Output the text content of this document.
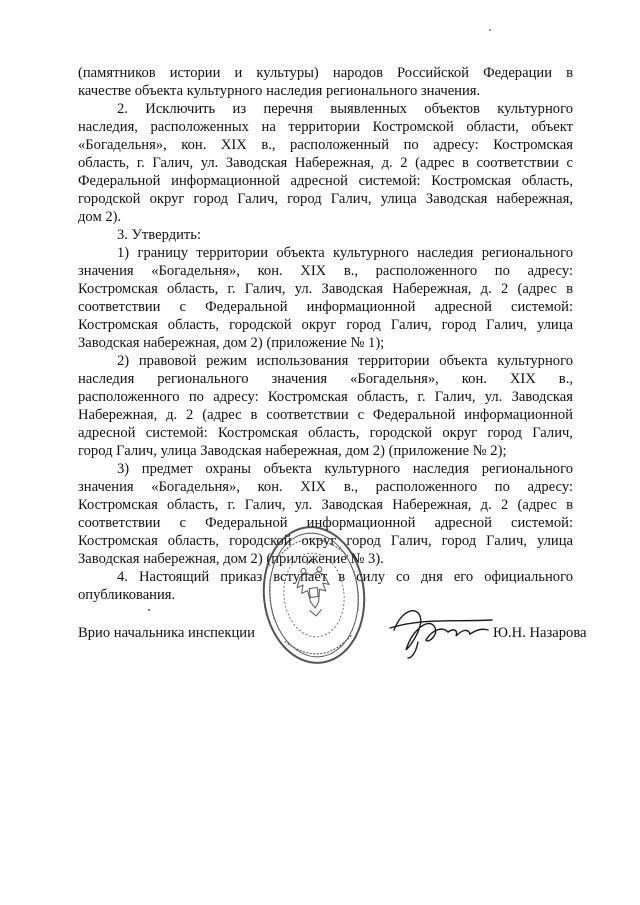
(памятников истории и культуры) народов Российской Федерации в
качестве объекта культурного наследия регионального значения.
2. Исключить из перечня выявленных объектов культурного
наследия, расположенных на территории Костромской области, объект
«Богадельня», кон. XIX в., расположенный по адресу: Костромская
область, г. Галич, ул. Заводская Набережная, д. 2 (адрес в соответствии с
Федеральной информационной адресной системой: Костромская область,
городской округ город Галич, город Галич, улица Заводская набережная,
дом 2).
3. Утвердить:
1) границу территории объекта культурного наследия регионального
значения «Богадельня», кон. XIX в., расположенного по адресу:
Костромская область, г. Галич, ул. Заводская Набережная, д. 2 (адрес в
соответствии с Федеральной информационной адресной системой:
Костромская область, городской округ город Галич, город Галич, улица
Заводская набережная, дом 2) (приложение № 1);
2) правовой режим использования территории объекта культурного
наследия регионального значения «Богадельня», кон. XIX в.,
расположенного по адресу: Костромская область, г. Галич, ул. Заводская
Набережная, д. 2 (адрес в соответствии с Федеральной информационной
адресной системой: Костромская область, городской округ город Галич,
город Галич, улица Заводская набережная, дом 2) (приложение № 2);
3) предмет охраны объекта культурного наследия регионального
значения «Богадельня», кон. XIX в., расположенного по адресу:
Костромская область, г. Галич, ул. Заводская Набережная, д. 2 (адрес в
соответствии с Федеральной информационной адресной системой:
Костромская область, городской округ город Галич, город Галич, улица
Заводская набережная, дом 2) (приложение № 3).
4. Настоящий приказ вступает в силу со дня его официального
опубликования.
Врио начальника инспекции	Ю.Н. Назарова
